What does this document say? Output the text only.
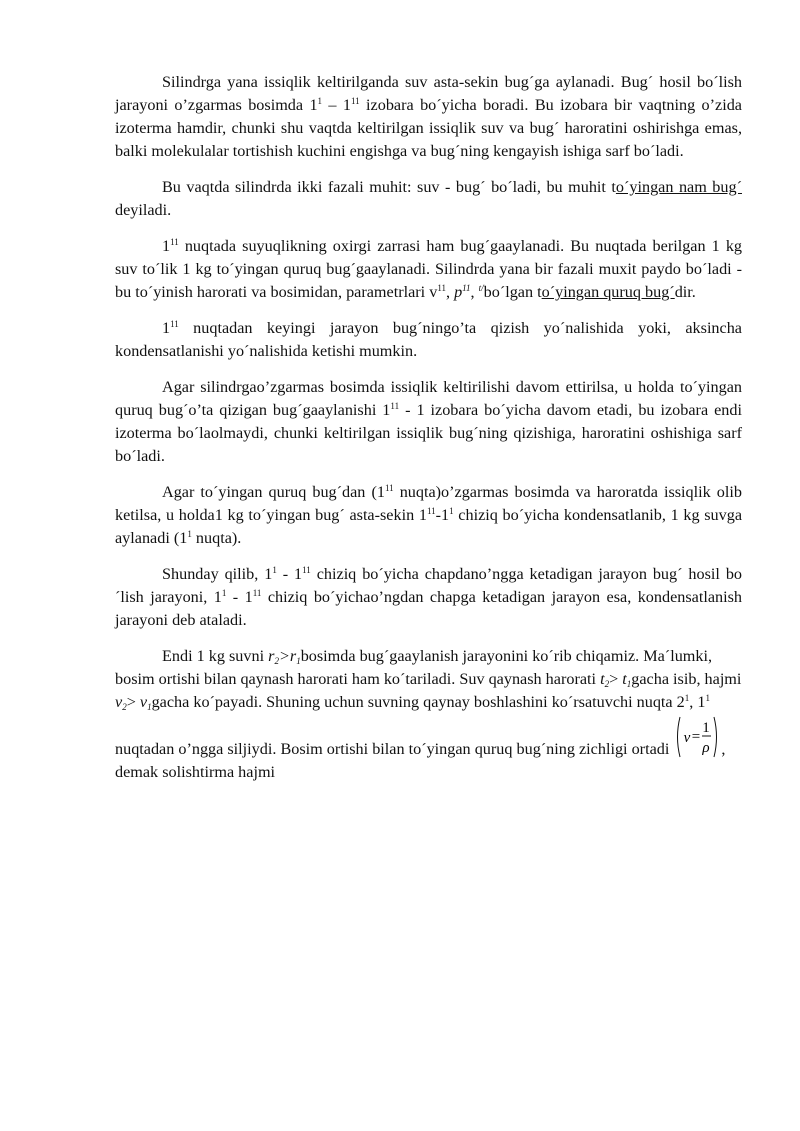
Silindrga yana issiqlik keltirilganda suv asta-sekin bug´ga aylanadi. Bug´ hosil bo´lish jarayoni o’zgarmas bosimda $1^1 - 1^{11}$ izobara bo´yicha boradi. Bu izobara bir vaqtning o’zida izoterma hamdir, chunki shu vaqtda keltirilgan issiqlik suv va bug´ haroratini oshirishga emas, balki molekulalar tortishish kuchini engishga va bug´ning kengayish ishiga sarf bo´ladi.

Bu vaqtda silindrda ikki fazali muhit: suv - bug´ bo´ladi, bu muhit to´yingan nam bug´ deyiladi.

$1^{11}$ nuqtada suyuqlikning oxirgi zarrasi ham bug´gaaylanadi. Bu nuqtada berilgan 1 kg suv to´lik 1 kg to´yingan quruq bug´gaaylanadi. Silindrda yana bir fazali muxit paydo bo´ladi - bu to´yinish harorati va bosimidan, parametrlari $v^{11}$, $p^{11}$, $^{t/}$bo´lgan to´yingan quruq bug´dir.

$1^{11}$ nuqtadan keyingi jarayon bug´ningo’ta qizish yo´nalishida yoki, aksincha kondensatlanishi yo´nalishida ketishi mumkin.

Agar silindrgao’zgarmas bosimda issiqlik keltirilishi davom ettirilsa, u holda to´yingan quruq bug´o’ta qizigan bug´gaaylanishi $1^{11} - 1$ izobara bo´yicha davom etadi, bu izobara endi izoterma bo´laolmaydi, chunki keltirilgan issiqlik bug´ning qizishiga, haroratini oshishiga sarf bo´ladi.

Agar to´yingan quruq bug´dan ($1^{11}$ nuqta)o’zgarmas bosimda va haroratda issiqlik olib ketilsa, u holda1 kg to´yingan bug´ asta-sekin $1^{11}-1^1$ chiziq bo´yicha kondensatlanib, 1 kg suvga aylanadi ($1^1$ nuqta).

Shunday qilib, $1^1 - 1^{11}$ chiziq bo´yicha chapdano’ngga ketadigan jarayon bug´ hosil bo´lish jarayoni, $1^1 - 1^{11}$ chiziq bo´yichao’ngdan chapga ketadigan jarayon esa, kondensatlanish jarayoni deb ataladi.

Endi 1 kg suvni $r_2>r_1bosimda$ bug´gaaylanish jarayonini ko´rib chiqamiz. Ma´lumki, bosim ortishi bilan qaynash harorati ham ko´tariladi. Suv qaynash harorati $t_2>$ $t_1gacha$ isib, hajmi $v_2>$ $v_1gacha$ ko´payadi. Shuning uchun suvning qaynay boshlashini ko´rsatuvchi nuqta $2^1$, $1^1$ nuqtadan o’ngga siljiydi. Bosim ortishi bilan to´yingan quruq bug´ning zichligi ortadi
v =
1
ρ , demak solishtirma hajmi
